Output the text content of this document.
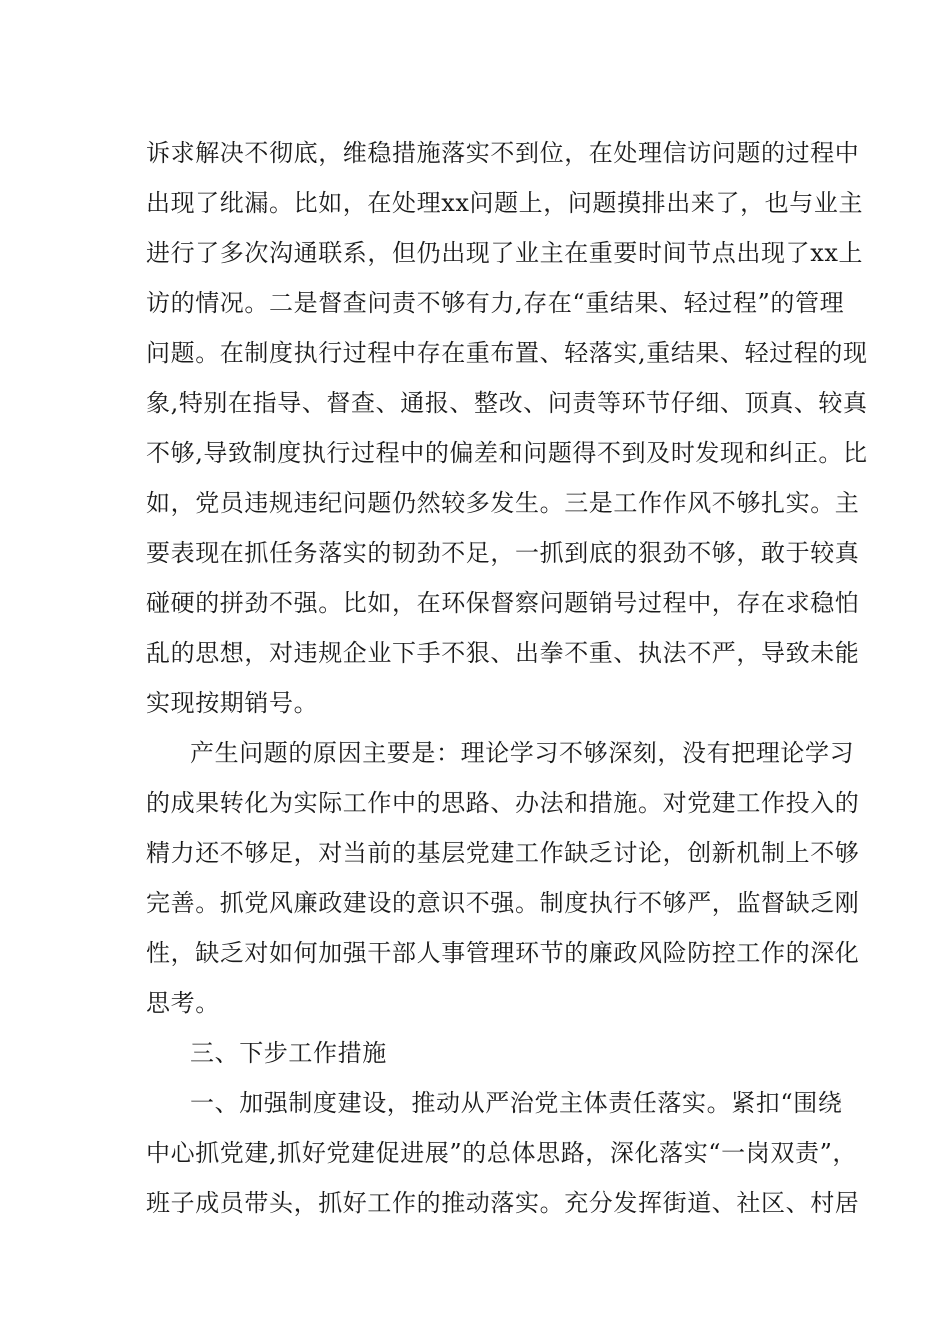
诉求解决不彻底，维稳措施落实不到位，在处理信访问题的过程中
出现了纰漏。比如，在处理xx问题上，问题摸排出来了，也与业主
进行了多次沟通联系，但仍出现了业主在重要时间节点出现了xx上
访的情况。二是督查问责不够有力,存在“重结果、轻过程”的管理
问题。在制度执行过程中存在重布置、轻落实,重结果、轻过程的现
象,特别在指导、督查、通报、整改、问责等环节仔细、顶真、较真
不够,导致制度执行过程中的偏差和问题得不到及时发现和纠正。比
如，党员违规违纪问题仍然较多发生。三是工作作风不够扎实。主
要表现在抓任务落实的韧劲不足，一抓到底的狠劲不够，敢于较真
碰硬的拼劲不强。比如，在环保督察问题销号过程中，存在求稳怕
乱的思想，对违规企业下手不狠、出拳不重、执法不严，导致未能
实现按期销号。
产生问题的原因主要是：理论学习不够深刻，没有把理论学习
的成果转化为实际工作中的思路、办法和措施。对党建工作投入的
精力还不够足，对当前的基层党建工作缺乏讨论，创新机制上不够
完善。抓党风廉政建设的意识不强。制度执行不够严，监督缺乏刚
性，缺乏对如何加强干部人事管理环节的廉政风险防控工作的深化
思考。
三、下步工作措施
一、加强制度建设，推动从严治党主体责任落实。紧扣“围绕
中心抓党建,抓好党建促进展”的总体思路，深化落实“一岗双责”，
班子成员带头，抓好工作的推动落实。充分发挥街道、社区、村居
